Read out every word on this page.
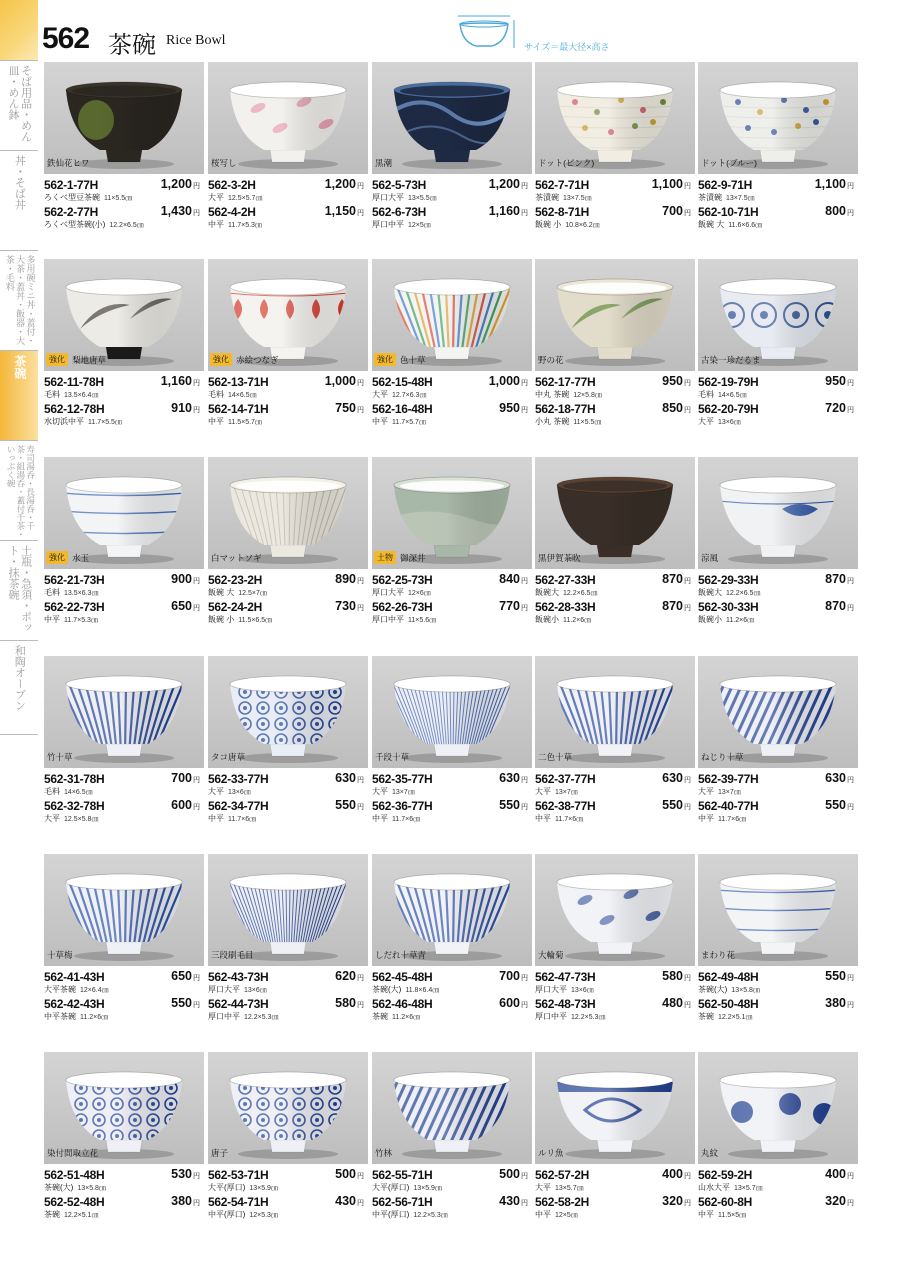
562 茶碗 Rice Bowl	サイズ＝最大径×高さ
そば用品・めん皿・めん鉢
丼・そば丼
多用碗ミニ丼・蓋付・大茶・蓋丼・飯器・大茶・毛料
茶碗
寿司湯呑・長湯呑・千茶・組湯呑・蓋付千茶・いっぷく碗
土瓶・急須・ポット・抹茶碗
和陶オーブン
鉄仙花ヒワ
562-1-77H	1,200円
ろくべ型豆茶碗 11×5.5㎝
562-2-77H	1,430円
ろくべ型茶碗(小) 12.2×6.5㎝
桜写し
562-3-2H	1,200円
大平 12.5×5.7㎝
562-4-2H	1,150円
中平 11.7×5.3㎝
黒潮
562-5-73H	1,200円
厚口大平 13×5.5㎝
562-6-73H	1,160円
厚口中平 12×5㎝
ドット(ピンク)
562-7-71H	1,100円
茶漬碗 13×7.5㎝
562-8-71H	700円
飯碗 小 10.8×6.2㎝
ドット(ブルー)
562-9-71H	1,100円
茶漬碗 13×7.5㎝
562-10-71H	800円
飯碗 大 11.6×6.6㎝
強化 梨地唐草
562-11-78H	1,160円
毛料 13.5×6.4㎝
562-12-78H	910円
水切浜中平 11.7×5.5㎝
強化 赤絵つなぎ
562-13-71H	1,000円
毛料 14×6.5㎝
562-14-71H	750円
中平 11.5×5.7㎝
強化 色十草
562-15-48H	1,000円
大平 12.7×6.3㎝
562-16-48H	950円
中平 11.7×5.7㎝
野の花
562-17-77H	950円
中丸 茶碗 12×5.8㎝
562-18-77H	850円
小丸 茶碗 11×5.5㎝
古染一珍だるま
562-19-79H	950円
毛料 14×6.5㎝
562-20-79H	720円
大平 13×6㎝
強化 水玉
562-21-73H	900円
毛料 13.5×6.3㎝
562-22-73H	650円
中平 11.7×5.3㎝
白マットソギ
562-23-2H	890円
飯碗 大 12.5×7㎝
562-24-2H	730円
飯碗 小 11.5×6.5㎝
土物 御深井
562-25-73H	840円
厚口大平 12×6㎝
562-26-73H	770円
厚口中平 11×5.6㎝
黒伊賀茶吹
562-27-33H	870円
飯碗大 12.2×6.5㎝
562-28-33H	870円
飯碗小 11.2×6㎝
涼風
562-29-33H	870円
飯碗大 12.2×6.5㎝
562-30-33H	870円
飯碗小 11.2×6㎝
竹十草
562-31-78H	700円
毛料 14×6.5㎝
562-32-78H	600円
大平 12.5×5.8㎝
タコ唐草
562-33-77H	630円
大平 13×6㎝
562-34-77H	550円
中平 11.7×6㎝
千段十草
562-35-77H	630円
大平 13×7㎝
562-36-77H	550円
中平 11.7×6㎝
二色十草
562-37-77H	630円
大平 13×7㎝
562-38-77H	550円
中平 11.7×6㎝
ねじり十草
562-39-77H	630円
大平 13×7㎝
562-40-77H	550円
中平 11.7×6㎝
十草梅
562-41-43H	650円
大平茶碗 12×6.4㎝
562-42-43H	550円
中平茶碗 11.2×6㎝
三段刷毛目
562-43-73H	620円
厚口大平 13×6㎝
562-44-73H	580円
厚口中平 12.2×5.3㎝
しだれ十草青
562-45-48H	700円
茶碗(大) 11.8×6.4㎝
562-46-48H	600円
茶碗 11.2×6㎝
大輪菊
562-47-73H	580円
厚口大平 13×6㎝
562-48-73H	480円
厚口中平 12.2×5.3㎝
まわり花
562-49-48H	550円
茶碗(大) 13×5.8㎝
562-50-48H	380円
茶碗 12.2×5.1㎝
染付間取立花
562-51-48H	530円
茶碗(大) 13×5.8㎝
562-52-48H	380円
茶碗 12.2×5.1㎝
唐子
562-53-71H	500円
大平(厚口) 13×5.9㎝
562-54-71H	430円
中平(厚口) 12×5.3㎝
竹林
562-55-71H	500円
大平(厚口) 13×5.9㎝
562-56-71H	430円
中平(厚口) 12.2×5.3㎝
ルリ魚
562-57-2H	400円
大平 13×5.7㎝
562-58-2H	320円
中平 12×5㎝
丸紋
562-59-2H	400円
山水大平 13×5.7㎝
562-60-8H	320円
中平 11.5×5㎝
